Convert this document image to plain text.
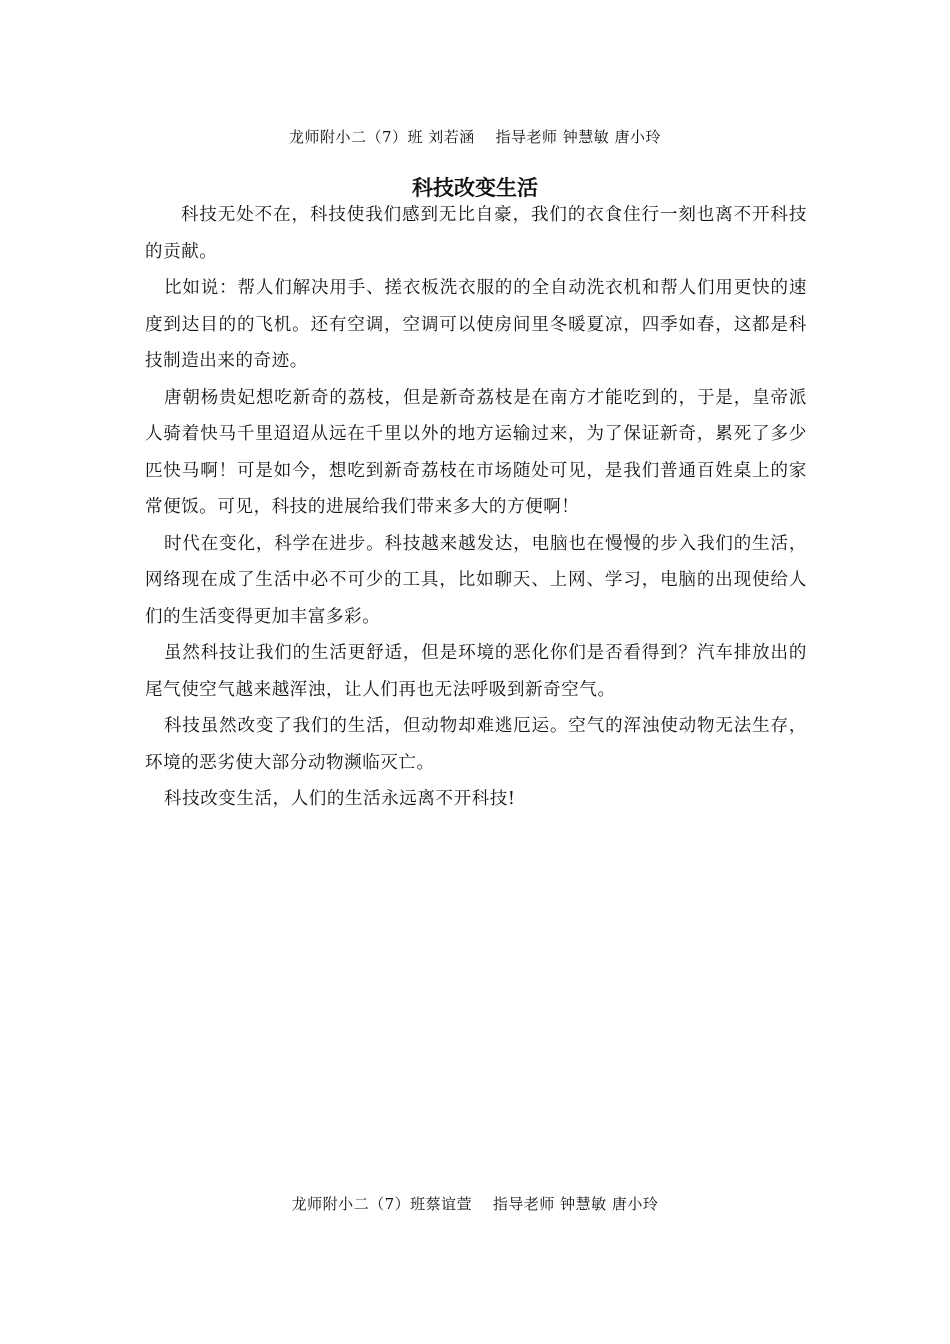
龙师附小二（7）班 刘若涵　 指导老师 钟慧敏 唐小玲
科技改变生活

科技无处不在，科技使我们感到无比自豪，我们的衣食住行一刻也离不开科技的贡献。

比如说：帮人们解决用手、搓衣板洗衣服的的全自动洗衣机和帮人们用更快的速度到达目的的飞机。还有空调，空调可以使房间里冬暖夏凉，四季如春，这都是科技制造出来的奇迹。

唐朝杨贵妃想吃新奇的荔枝，但是新奇荔枝是在南方才能吃到的，于是，皇帝派人骑着快马千里迢迢从远在千里以外的地方运输过来，为了保证新奇，累死了多少匹快马啊！可是如今，想吃到新奇荔枝在市场随处可见，是我们普通百姓桌上的家常便饭。可见，科技的进展给我们带来多大的方便啊！

时代在变化，科学在进步。科技越来越发达，电脑也在慢慢的步入我们的生活，网络现在成了生活中必不可少的工具，比如聊天、上网、学习，电脑的出现使给人们的生活变得更加丰富多彩。

虽然科技让我们的生活更舒适，但是环境的恶化你们是否看得到？汽车排放出的尾气使空气越来越浑浊，让人们再也无法呼吸到新奇空气。

科技虽然改变了我们的生活，但动物却难逃厄运。空气的浑浊使动物无法生存，环境的恶劣使大部分动物濒临灭亡。

科技改变生活，人们的生活永远离不开科技!

龙师附小二（7）班蔡谊萱　 指导老师 钟慧敏 唐小玲
